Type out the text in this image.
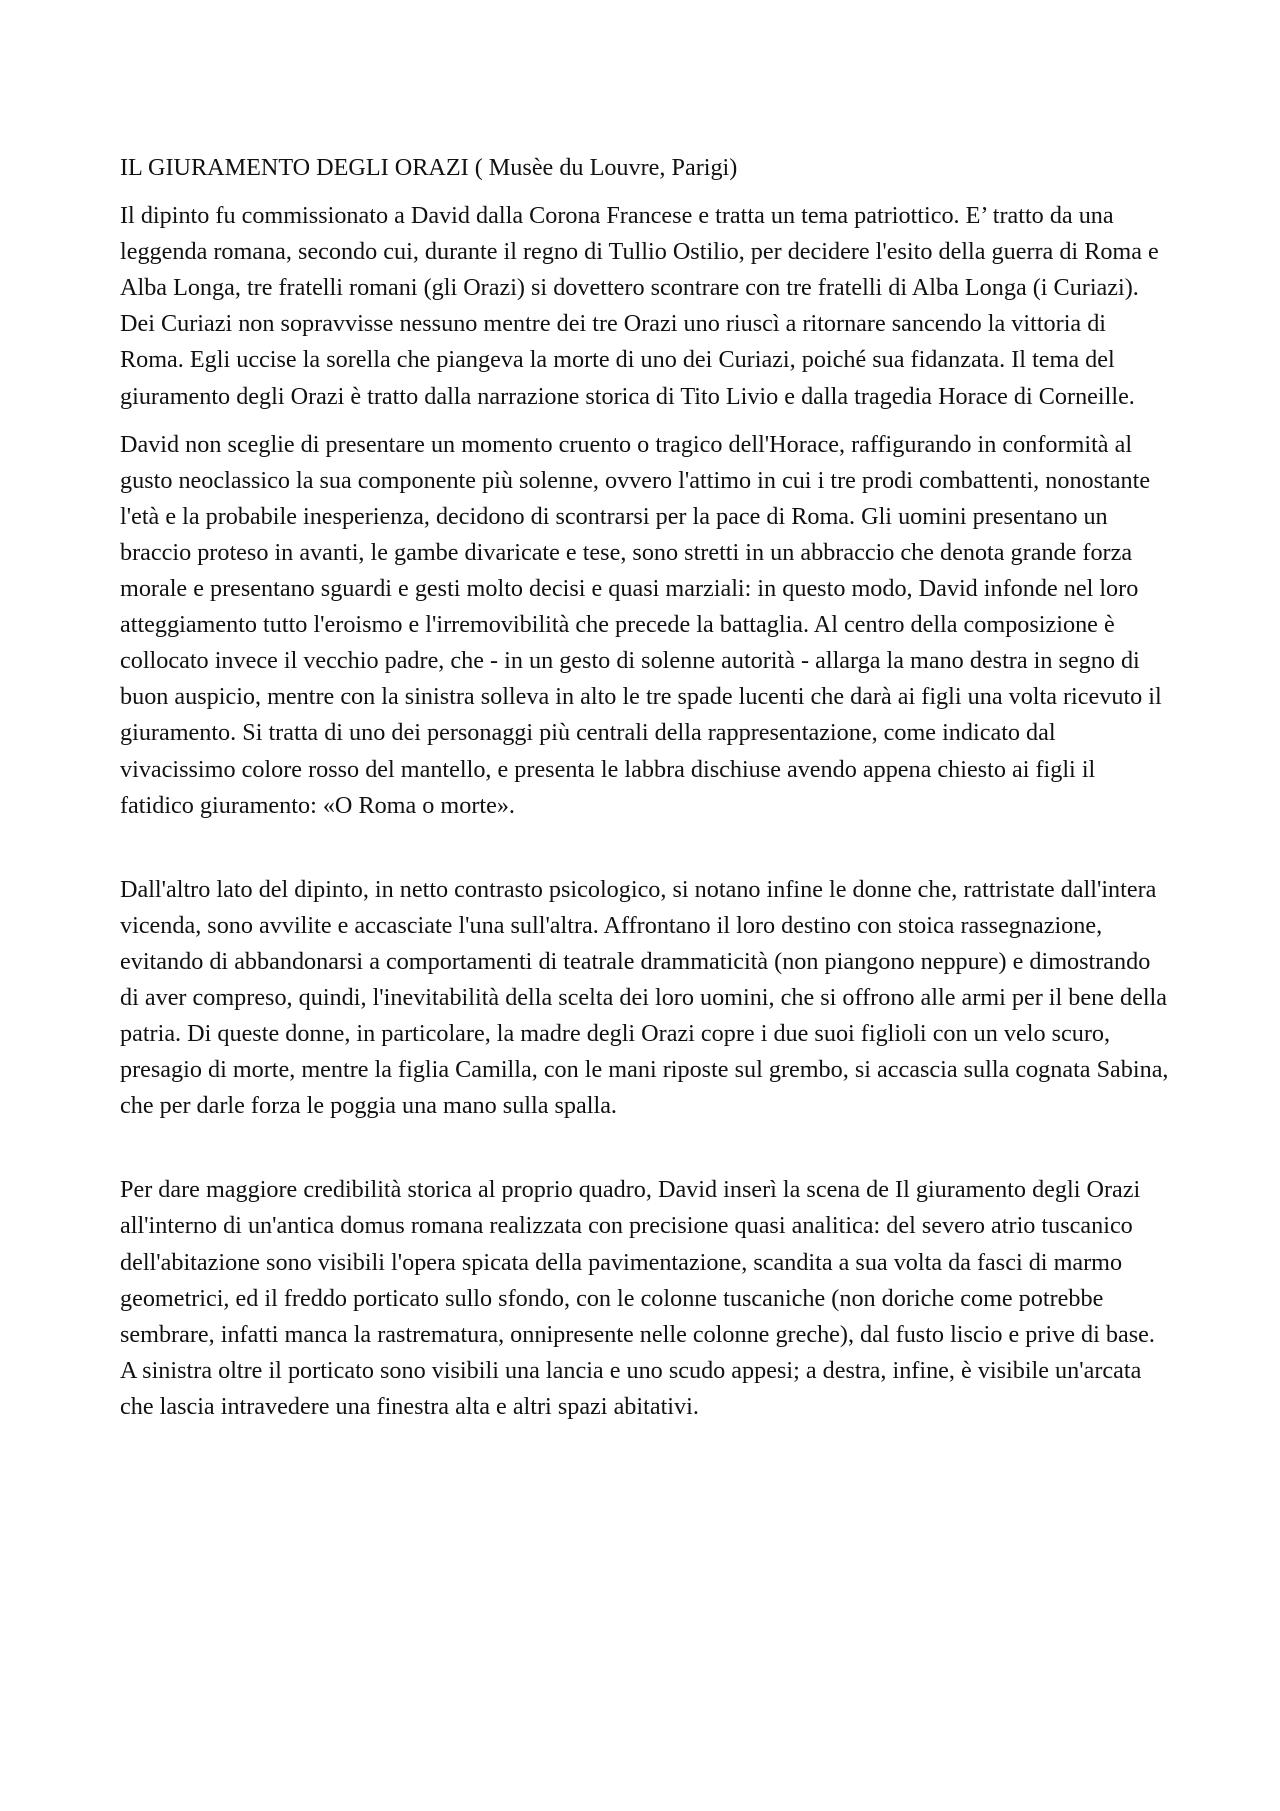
IL GIURAMENTO DEGLI ORAZI ( Musèe du Louvre, Parigi)

Il dipinto fu commissionato a David dalla Corona Francese e tratta un tema patriottico. E’ tratto da una leggenda romana, secondo cui, durante il regno di Tullio Ostilio, per decidere l'esito della guerra di Roma e Alba Longa, tre fratelli romani (gli Orazi) si dovettero scontrare con tre fratelli di Alba Longa (i Curiazi). Dei Curiazi non sopravvisse nessuno mentre dei tre Orazi uno riuscì a ritornare sancendo la vittoria di Roma. Egli uccise la sorella che piangeva la morte di uno dei Curiazi, poiché sua fidanzata. Il tema del giuramento degli Orazi è tratto dalla narrazione storica di Tito Livio e dalla tragedia Horace di Corneille.

David non sceglie di presentare un momento cruento o tragico dell'Horace, raffigurando in conformità al gusto neoclassico la sua componente più solenne, ovvero l'attimo in cui i tre prodi combattenti, nonostante l'età e la probabile inesperienza, decidono di scontrarsi per la pace di Roma. Gli uomini presentano un braccio proteso in avanti, le gambe divaricate e tese, sono stretti in un abbraccio che denota grande forza morale e presentano sguardi e gesti molto decisi e quasi marziali: in questo modo, David infonde nel loro atteggiamento tutto l'eroismo e l'irremovibilità che precede la battaglia. Al centro della composizione è collocato invece il vecchio padre, che - in un gesto di solenne autorità - allarga la mano destra in segno di buon auspicio, mentre con la sinistra solleva in alto le tre spade lucenti che darà ai figli una volta ricevuto il giuramento. Si tratta di uno dei personaggi più centrali della rappresentazione, come indicato dal vivacissimo colore rosso del mantello, e presenta le labbra dischiuse avendo appena chiesto ai figli il fatidico giuramento: «O Roma o morte».

Dall'altro lato del dipinto, in netto contrasto psicologico, si notano infine le donne che, rattristate dall'intera vicenda, sono avvilite e accasciate l'una sull'altra. Affrontano il loro destino con stoica rassegnazione, evitando di abbandonarsi a comportamenti di teatrale drammaticità (non piangono neppure) e dimostrando di aver compreso, quindi, l'inevitabilità della scelta dei loro uomini, che si offrono alle armi per il bene della patria. Di queste donne, in particolare, la madre degli Orazi copre i due suoi figlioli con un velo scuro, presagio di morte, mentre la figlia Camilla, con le mani riposte sul grembo, si accascia sulla cognata Sabina, che per darle forza le poggia una mano sulla spalla.

Per dare maggiore credibilità storica al proprio quadro, David inserì la scena de Il giuramento degli Orazi all'interno di un'antica domus romana realizzata con precisione quasi analitica: del severo atrio tuscanico dell'abitazione sono visibili l'opera spicata della pavimentazione, scandita a sua volta da fasci di marmo geometrici, ed il freddo porticato sullo sfondo, con le colonne tuscaniche (non doriche come potrebbe sembrare, infatti manca la rastrematura, onnipresente nelle colonne greche), dal fusto liscio e prive di base. A sinistra oltre il porticato sono visibili una lancia e uno scudo appesi; a destra, infine, è visibile un'arcata che lascia intravedere una finestra alta e altri spazi abitativi.
